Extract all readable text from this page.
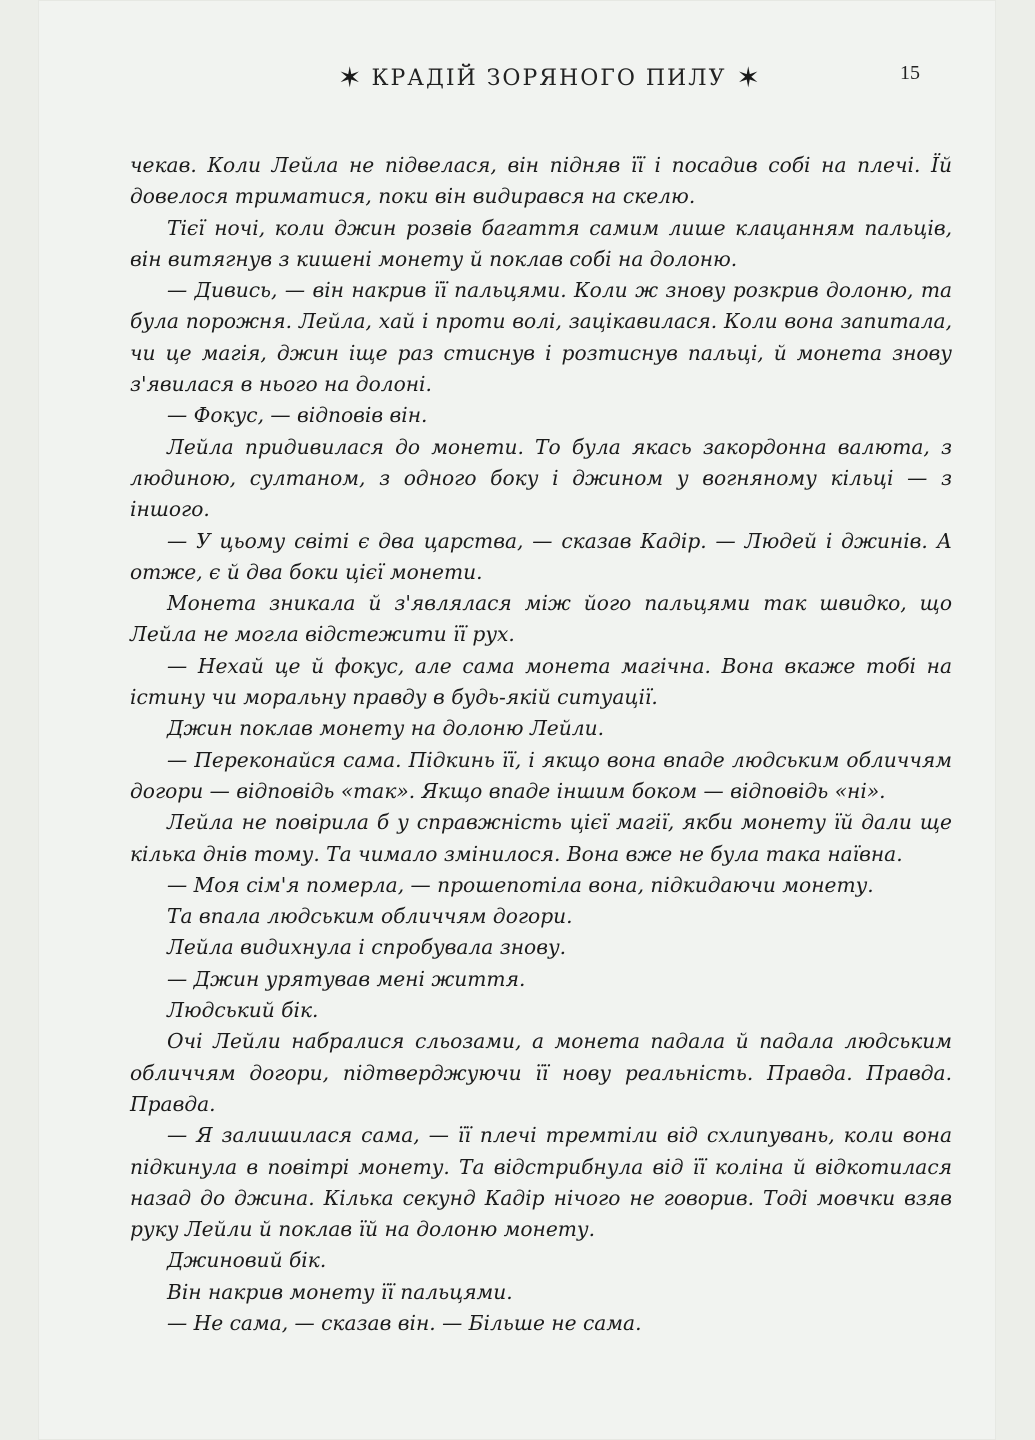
✶ КРАДІЙ ЗОРЯНОГО ПИЛУ ✶	15

чекав. Коли Лейла не підвелася, він підняв її і посадив собі на плечі. Їй довелося триматися, поки він видирався на скелю.

Тієї ночі, коли джин розвів багаття самим лише клацанням пальців, він витягнув з кишені монету й поклав собі на долоню.

— Дивись, — він накрив її пальцями. Коли ж знову розкрив долоню, та була порожня. Лейла, хай і проти волі, зацікавилася. Коли вона запитала, чи це магія, джин іще раз стиснув і розтиснув пальці, й монета знову з'явилася в нього на долоні.

— Фокус, — відповів він.

Лейла придивилася до монети. То була якась закордонна валюта, з людиною, султаном, з одного боку і джином у вогняному кільці — з іншого.

— У цьому світі є два царства, — сказав Кадір. — Людей і джинів. А отже, є й два боки цієї монети.

Монета зникала й з'являлася між його пальцями так швидко, що Лейла не могла відстежити її рух.

— Нехай це й фокус, але сама монета магічна. Вона вкаже тобі на істину чи моральну правду в будь-якій ситуації.

Джин поклав монету на долоню Лейли.

— Переконайся сама. Підкинь її, і якщо вона впаде людським обличчям догори — відповідь «так». Якщо впаде іншим боком — відповідь «ні».

Лейла не повірила б у справжність цієї магії, якби монету їй дали ще кілька днів тому. Та чимало змінилося. Вона вже не була така наївна.

— Моя сім'я померла, — прошепотіла вона, підкидаючи монету.

Та впала людським обличчям догори.

Лейла видихнула і спробувала знову.

— Джин урятував мені життя.

Людський бік.

Очі Лейли набралися сльозами, а монета падала й падала людським обличчям догори, підтверджуючи її нову реальність. Правда. Правда. Правда.

— Я залишилася сама, — її плечі тремтіли від схлипувань, коли вона підкинула в повітрі монету. Та відстрибнула від її коліна й відкотилася назад до джина. Кілька секунд Кадір нічого не говорив. Тоді мовчки взяв руку Лейли й поклав їй на долоню монету.

Джиновий бік.

Він накрив монету її пальцями.

— Не сама, — сказав він. — Більше не сама.
